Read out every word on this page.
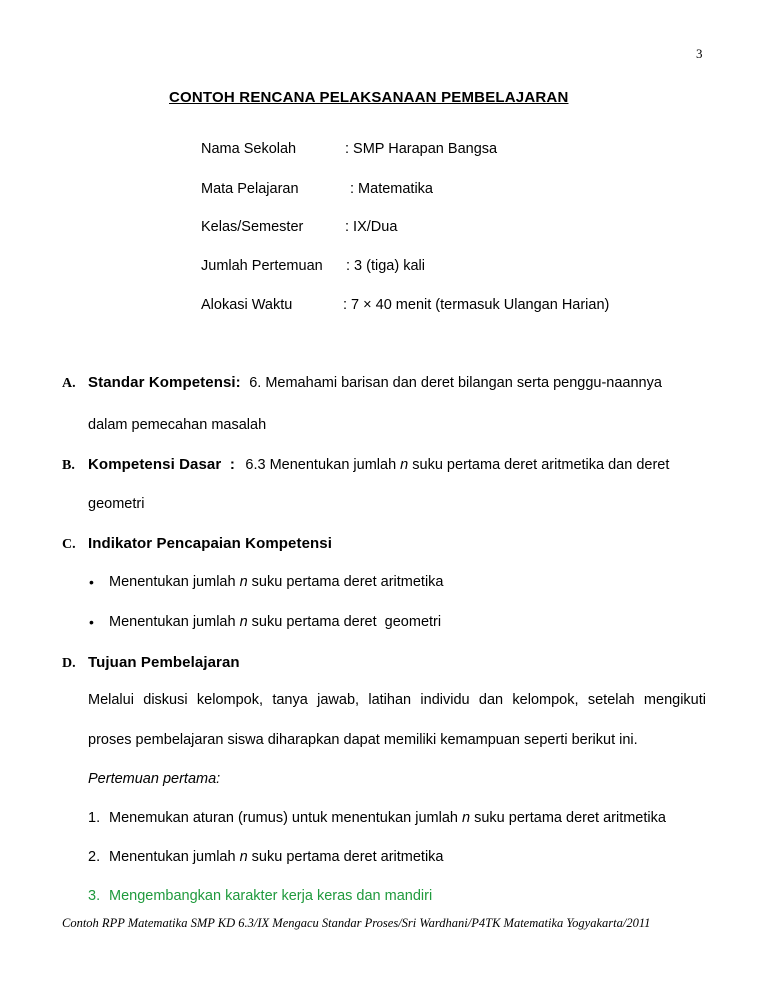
3
CONTOH RENCANA PELAKSANAAN PEMBELAJARAN
Nama Sekolah	: SMP Harapan Bangsa
Mata Pelajaran	: Matematika
Kelas/Semester	: IX/Dua
Jumlah Pertemuan : 3 (tiga) kali
Alokasi Waktu	: 7 × 40 menit (termasuk Ulangan Harian)
A. Standar Kompetensi: 6. Memahami barisan dan deret bilangan serta penggu-naannya
dalam pemecahan masalah
B. Kompetensi Dasar  : 6.3 Menentukan jumlah n suku pertama deret aritmetika dan deret
geometri
C. Indikator Pencapaian Kompetensi
• Menentukan jumlah n suku pertama deret aritmetika
• Menentukan jumlah n suku pertama deret  geometri
D. Tujuan Pembelajaran
Melalui diskusi kelompok, tanya jawab, latihan individu dan kelompok, setelah mengikuti
proses pembelajaran siswa diharapkan dapat memiliki kemampuan seperti berikut ini.
Pertemuan pertama:
1. Menemukan aturan (rumus) untuk menentukan jumlah n suku pertama deret aritmetika
2. Menentukan jumlah n suku pertama deret aritmetika
3. Mengembangkan karakter kerja keras dan mandiri
Contoh RPP Matematika SMP KD 6.3/IX Mengacu Standar Proses/Sri Wardhani/P4TK Matematika Yogyakarta/2011
